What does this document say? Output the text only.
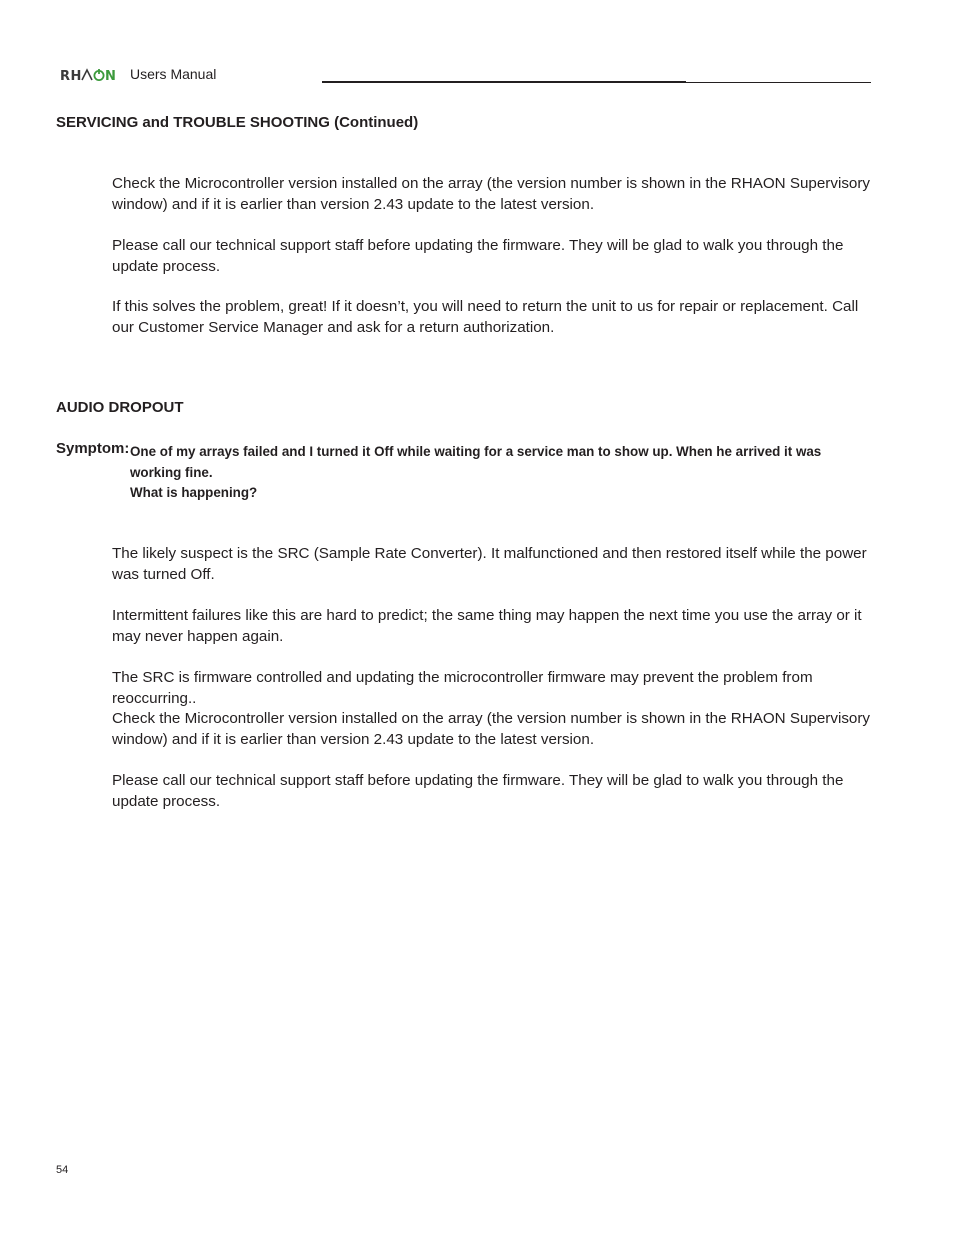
RH N Users Manual
SERVICING and TROUBLE SHOOTING (Continued)
Check the Microcontroller version installed on the array (the version number is shown in the RHAON Supervisory window) and if it is earlier than version 2.43 update to the latest version.
Please call our technical support staff before updating the firmware. They will be glad to walk you through the update process.
If this solves the problem, great! If it doesn’t, you will need to return the unit to us for repair or replacement. Call our Customer Service Manager and ask for a return authorization.
AUDIO DROPOUT
Symptom: One of my arrays failed and I turned it Off while waiting for a service man to show up. When he arrived it was working fine.
What is happening?
The likely suspect is the SRC (Sample Rate Converter). It malfunctioned and then restored itself while the power was turned Off.
Intermittent failures like this are hard to predict; the same thing may happen the next time you use the array or it may never happen again.
The SRC is firmware controlled and updating the microcontroller firmware may prevent the problem from reoccurring..
Check the Microcontroller version installed on the array (the version number is shown in the RHAON Supervisory window) and if it is earlier than version 2.43 update to the latest version.
Please call our technical support staff before updating the firmware. They will be glad to walk you through the update process.
54
